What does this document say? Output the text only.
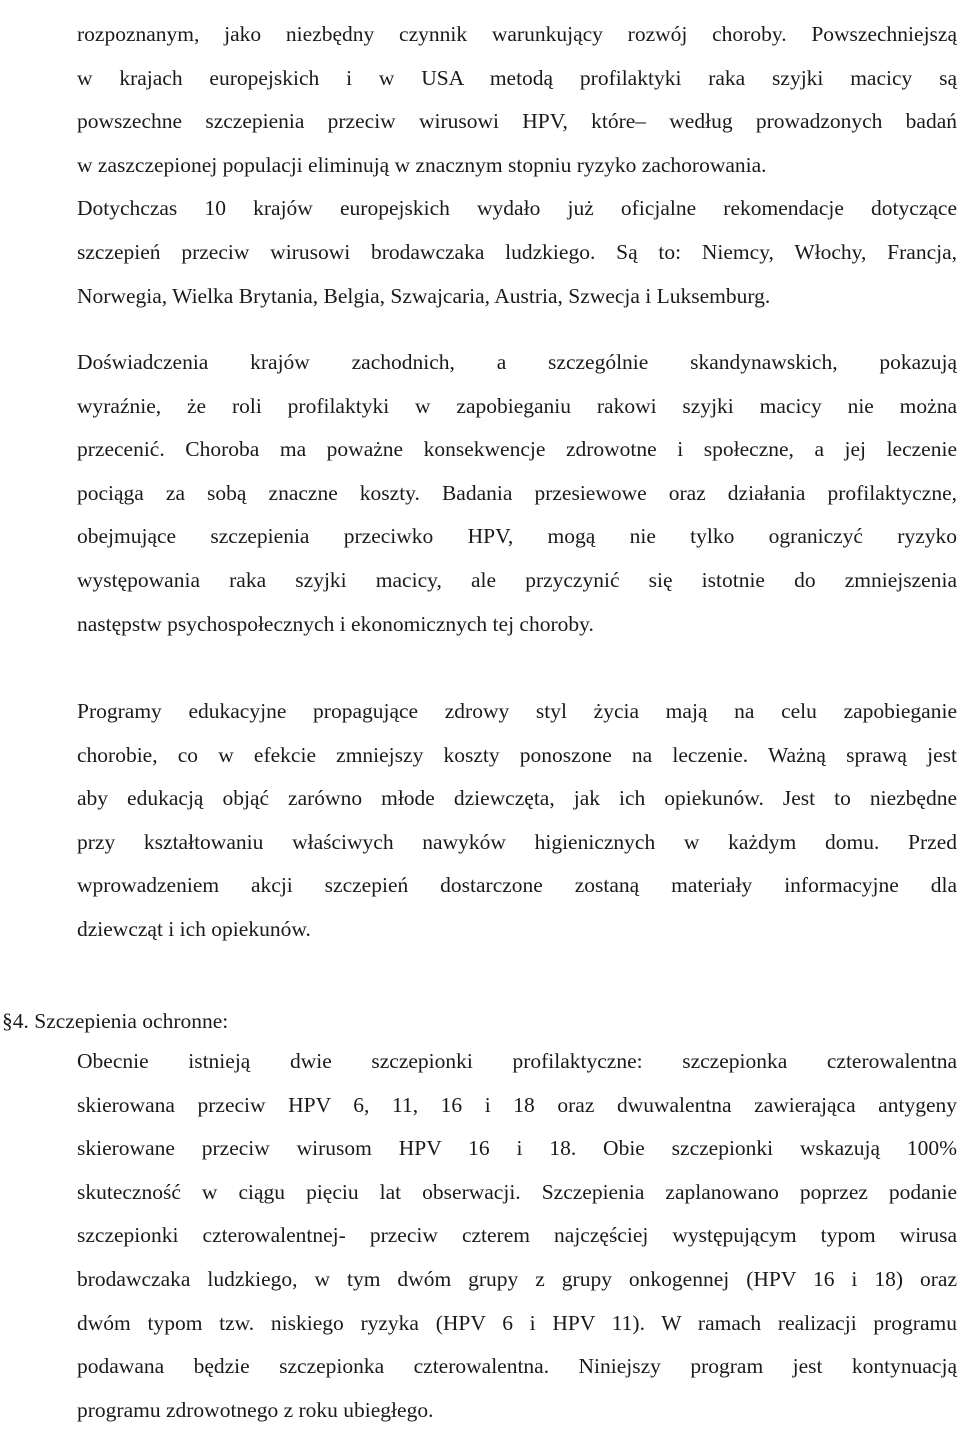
rozpoznanym, jako niezbędny czynnik warunkujący rozwój choroby. Powszechniejszą
w krajach europejskich i w USA metodą profilaktyki raka szyjki macicy są
powszechne szczepienia przeciw wirusowi HPV, które– według prowadzonych badań
w zaszczepionej populacji eliminują w znacznym stopniu ryzyko zachorowania.
Dotychczas 10 krajów europejskich wydało już oficjalne rekomendacje dotyczące
szczepień przeciw wirusowi brodawczaka ludzkiego. Są to: Niemcy, Włochy, Francja,
Norwegia, Wielka Brytania, Belgia, Szwajcaria, Austria, Szwecja i Luksemburg.
Doświadczenia krajów zachodnich, a szczególnie skandynawskich, pokazują
wyraźnie, że roli profilaktyki w zapobieganiu rakowi szyjki macicy nie można
przecenić. Choroba ma poważne konsekwencje zdrowotne i społeczne, a jej leczenie
pociąga za sobą znaczne koszty. Badania przesiewowe oraz działania profilaktyczne,
obejmujące szczepienia przeciwko HPV, mogą nie tylko ograniczyć ryzyko
występowania raka szyjki macicy, ale przyczynić się istotnie do zmniejszenia
następstw psychospołecznych i ekonomicznych tej choroby.
Programy edukacyjne propagujące zdrowy styl życia mają na celu zapobieganie
chorobie, co w efekcie zmniejszy koszty ponoszone na leczenie. Ważną sprawą jest
aby edukacją objąć zarówno młode dziewczęta, jak ich opiekunów. Jest to niezbędne
przy kształtowaniu właściwych nawyków higienicznych w każdym domu. Przed
wprowadzeniem akcji szczepień dostarczone zostaną materiały informacyjne dla
dziewcząt i ich opiekunów.
§4. Szczepienia ochronne:
Obecnie istnieją dwie szczepionki profilaktyczne: szczepionka czterowalentna
skierowana przeciw HPV 6, 11, 16 i 18 oraz dwuwalentna zawierająca antygeny
skierowane przeciw wirusom HPV 16 i 18. Obie szczepionki wskazują 100%
skuteczność w ciągu pięciu lat obserwacji. Szczepienia zaplanowano poprzez podanie
szczepionki czterowalentnej- przeciw czterem najczęściej występującym typom wirusa
brodawczaka ludzkiego, w tym dwóm grupy z grupy onkogennej (HPV 16 i 18) oraz
dwóm typom tzw. niskiego ryzyka (HPV 6 i HPV 11). W ramach realizacji programu
podawana będzie szczepionka czterowalentna. Niniejszy program jest kontynuacją
programu zdrowotnego z roku ubiegłego.
